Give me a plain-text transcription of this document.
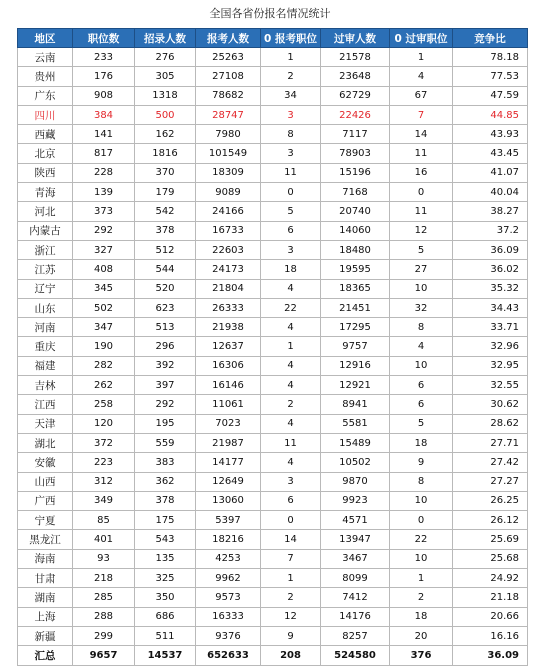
全国各省份报名情况统计
地区	职位数	招录人数	报考人数	0 报考职位	过审人数	0 过审职位	竞争比
云南	233	276	25263	1	21578	1	78.18
贵州	176	305	27108	2	23648	4	77.53
广东	908	1318	78682	34	62729	67	47.59
四川	384	500	28747	3	22426	7	44.85
西藏	141	162	7980	8	7117	14	43.93
北京	817	1816	101549	3	78903	11	43.45
陕西	228	370	18309	11	15196	16	41.07
青海	139	179	9089	0	7168	0	40.04
河北	373	542	24166	5	20740	11	38.27
内蒙古	292	378	16733	6	14060	12	37.2
浙江	327	512	22603	3	18480	5	36.09
江苏	408	544	24173	18	19595	27	36.02
辽宁	345	520	21804	4	18365	10	35.32
山东	502	623	26333	22	21451	32	34.43
河南	347	513	21938	4	17295	8	33.71
重庆	190	296	12637	1	9757	4	32.96
福建	282	392	16306	4	12916	10	32.95
吉林	262	397	16146	4	12921	6	32.55
江西	258	292	11061	2	8941	6	30.62
天津	120	195	7023	4	5581	5	28.62
湖北	372	559	21987	11	15489	18	27.71
安徽	223	383	14177	4	10502	9	27.42
山西	312	362	12649	3	9870	8	27.27
广西	349	378	13060	6	9923	10	26.25
宁夏	85	175	5397	0	4571	0	26.12
黑龙江	401	543	18216	14	13947	22	25.69
海南	93	135	4253	7	3467	10	25.68
甘肃	218	325	9962	1	8099	1	24.92
湖南	285	350	9573	2	7412	2	21.18
上海	288	686	16333	12	14176	18	20.66
新疆	299	511	9376	9	8257	20	16.16
汇总	9657	14537	652633	208	524580	376	36.09
